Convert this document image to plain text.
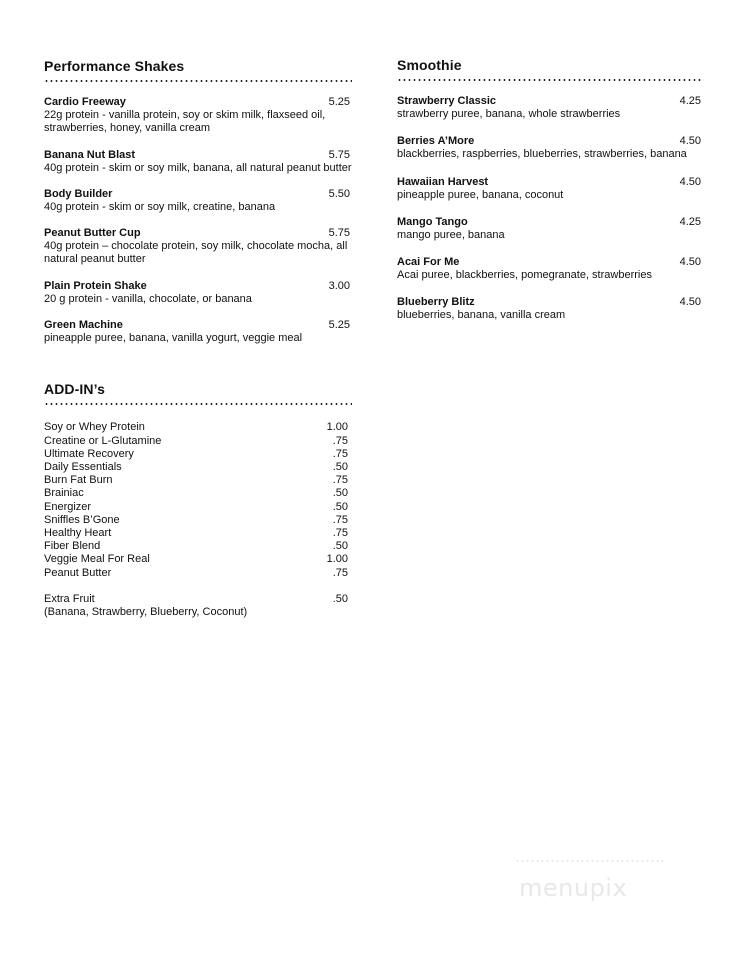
Performance Shakes
Cardio Freeway	5.25
22g protein - vanilla protein, soy or skim milk, flaxseed oil, strawberries, honey, vanilla cream
Banana Nut Blast	5.75
40g protein - skim or soy milk, banana, all natural peanut butter
Body Builder	5.50
40g protein - skim or soy milk, creatine, banana
Peanut Butter Cup	5.75
40g protein – chocolate protein, soy milk, chocolate mocha, all natural peanut butter
Plain Protein Shake	3.00
20 g protein - vanilla, chocolate, or banana
Green Machine	5.25
pineapple puree, banana, vanilla yogurt, veggie meal
ADD-IN’s
Soy or Whey Protein	1.00
Creatine or L-Glutamine	.75
Ultimate Recovery	.75
Daily Essentials	.50
Burn Fat Burn	.75
Brainiac	.50
Energizer	.50
Sniffles B’Gone	.75
Healthy Heart	.75
Fiber Blend	.50
Veggie Meal For Real	1.00
Peanut Butter	.75
Extra Fruit	.50
(Banana, Strawberry, Blueberry, Coconut)
Smoothie
Strawberry Classic	4.25
strawberry puree, banana, whole strawberries
Berries A’More	4.50
blackberries, raspberries, blueberries, strawberries, banana
Hawaiian Harvest	4.50
pineapple puree, banana, coconut
Mango Tango	4.25
mango puree, banana
Acai For Me	4.50
Acai puree, blackberries, pomegranate, strawberries
Blueberry Blitz	4.50
blueberries, banana, vanilla cream
menupix
